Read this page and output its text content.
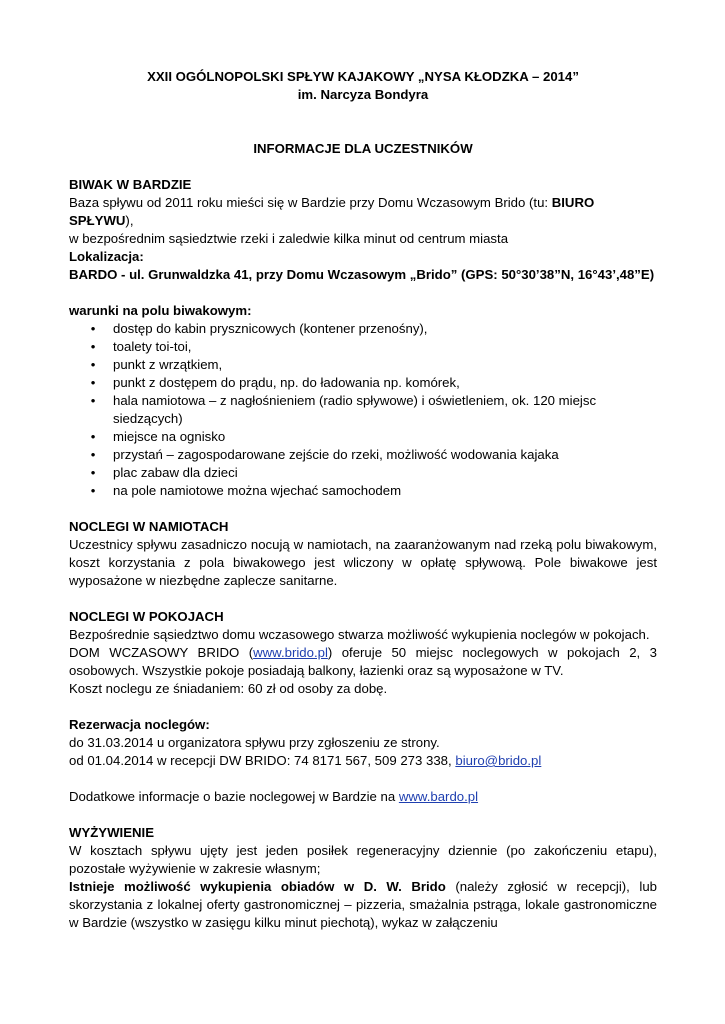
XXII OGÓLNOPOLSKI SPŁYW KAJAKOWY „NYSA KŁODZKA – 2014”

im. Narcyza Bondyra

INFORMACJE DLA UCZESTNIKÓW

BIWAK W BARDZIE

Baza spływu od 2011 roku mieści się w Bardzie przy Domu Wczasowym Brido (tu: BIURO SPŁYWU),

w bezpośrednim sąsiedztwie rzeki i zaledwie kilka minut od centrum miasta

Lokalizacja:

BARDO - ul. Grunwaldzka 41, przy Domu Wczasowym „Brido” (GPS: 50°30’38”N, 16°43’,48”E)

warunki na polu biwakowym:

• dostęp do kabin prysznicowych (kontener przenośny),
• toalety toi-toi,
• punkt z wrzątkiem,
• punkt z dostępem do prądu, np. do ładowania np. komórek,
• hala namiotowa – z nagłośnieniem (radio spływowe) i oświetleniem, ok. 120 miejsc siedzących)
• miejsce na ognisko
• przystań – zagospodarowane zejście do rzeki, możliwość wodowania kajaka
• plac zabaw dla dzieci
• na pole namiotowe można wjechać samochodem

NOCLEGI W NAMIOTACH

Uczestnicy spływu zasadniczo nocują w namiotach, na zaaranżowanym nad rzeką polu biwakowym, koszt korzystania z pola biwakowego jest wliczony w opłatę spływową. Pole biwakowe jest wyposażone w niezbędne zaplecze sanitarne.

NOCLEGI W POKOJACH

Bezpośrednie sąsiedztwo domu wczasowego stwarza możliwość wykupienia noclegów w pokojach.

DOM WCZASOWY BRIDO (www.brido.pl) oferuje 50 miejsc noclegowych w pokojach 2, 3 osobowych. Wszystkie pokoje posiadają balkony, łazienki oraz są wyposażone w TV.

Koszt noclegu ze śniadaniem: 60 zł od osoby za dobę.

Rezerwacja noclegów:

do 31.03.2014 u organizatora spływu przy zgłoszeniu ze strony.

od 01.04.2014 w recepcji DW BRIDO: 74 8171 567, 509 273 338, biuro@brido.pl

Dodatkowe informacje o bazie noclegowej w Bardzie na www.bardo.pl

WYŻYWIENIE

W kosztach spływu ujęty jest jeden posiłek regeneracyjny dziennie (po zakończeniu etapu), pozostałe wyżywienie w zakresie własnym;

Istnieje możliwość wykupienia obiadów w D. W. Brido (należy zgłosić w recepcji), lub skorzystania z lokalnej oferty gastronomicznej – pizzeria, smażalnia pstrąga, lokale gastronomiczne w Bardzie (wszystko w zasięgu kilku minut piechotą), wykaz w załączeniu
